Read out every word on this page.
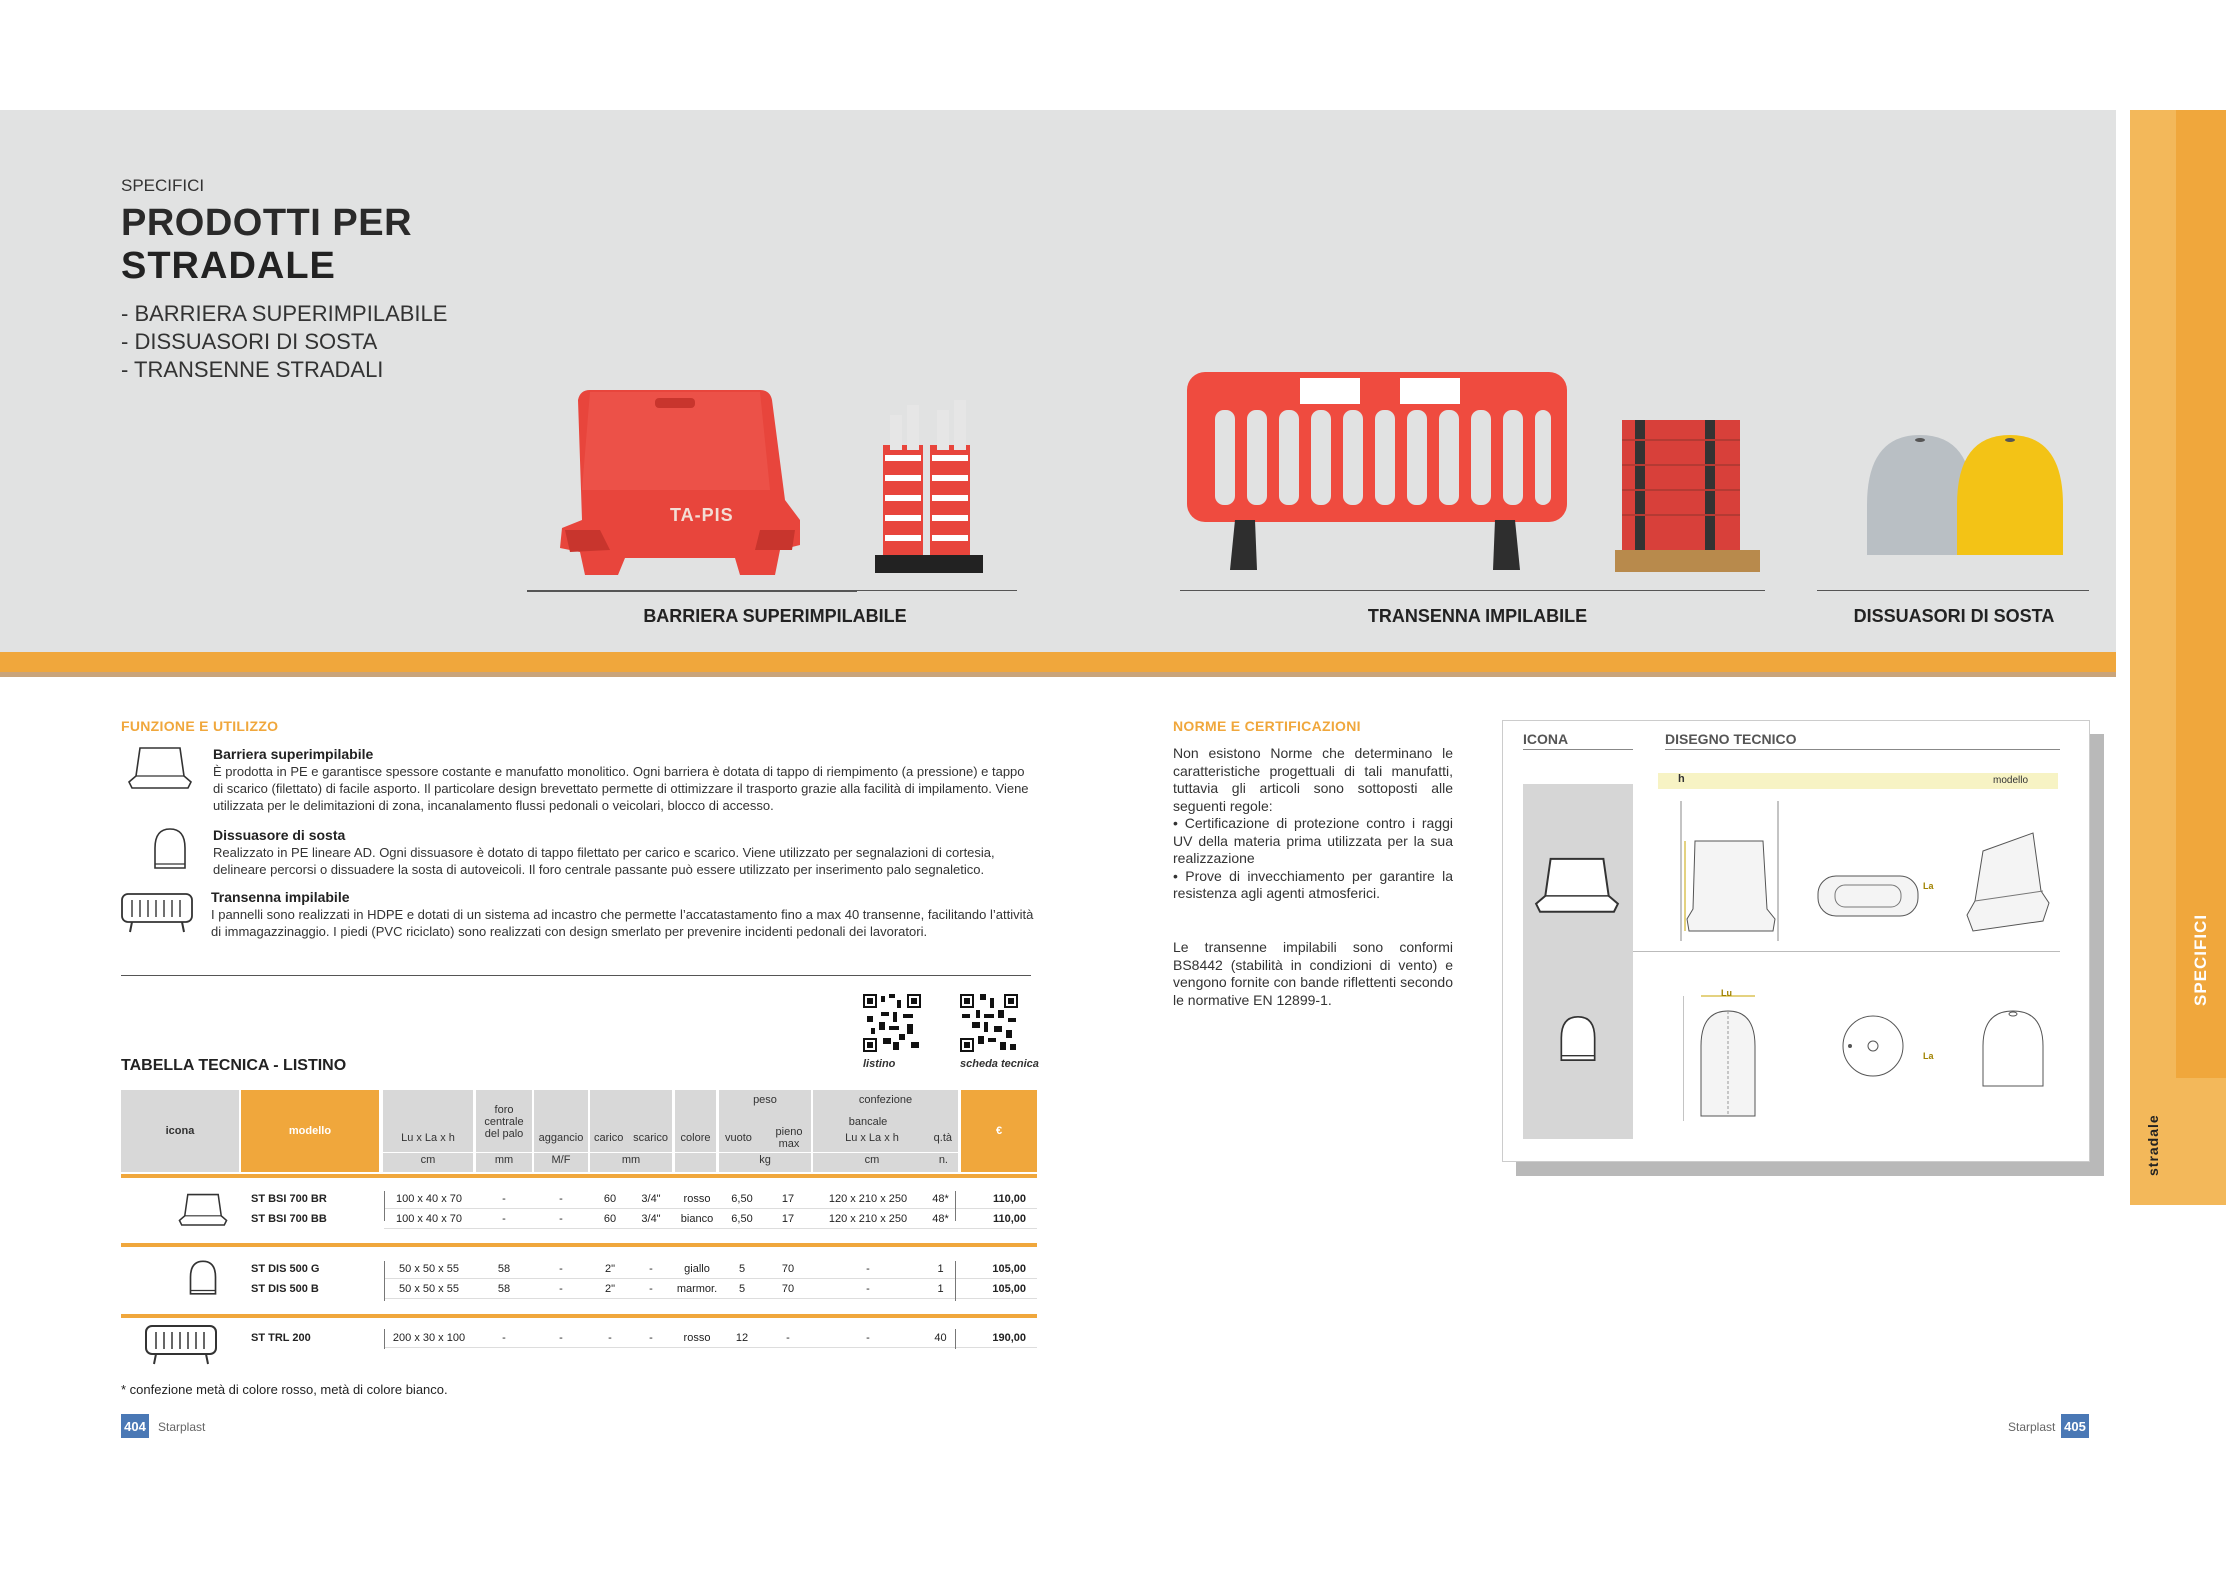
SPECIFICI
stradale
SPECIFICI
PRODOTTI PER
STRADALE

- BARRIERA SUPERIMPILABILE

- DISSUASORI DI SOSTA

- TRANSENNE STRADALI

TA-PIS
BARRIERA SUPERIMPILABILE	TRANSENNA IMPILABILE	DISSUASORI DI SOSTA
FUNZIONE E UTILIZZO
Barriera superimpilabile
È prodotta in PE e garantisce spessore costante e manufatto monolitico. Ogni barriera è dotata di tappo di riempimento (a pressione) e tappo di scarico (filettato) di facile asporto. Il particolare design brevettato permette di ottimizzare il trasporto grazie alla facilità di impilamento. Viene utilizzata per le delimitazioni di zona, incanalamento flussi pedonali o veicolari, blocco di accesso.
Dissuasore di sosta
Realizzato in PE lineare AD. Ogni dissuasore è dotato di tappo filettato per carico e scarico. Viene utilizzato per segnalazioni di cortesia, delineare percorsi o dissuadere la sosta di autoveicoli. Il foro centrale passante può essere utilizzato per inserimento palo segnaletico.
Transenna impilabile
I pannelli sono realizzati in HDPE e dotati di un sistema ad incastro che permette l’accatastamento fino a max 40 transenne, facilitando l’attività di immagazzinaggio. I piedi (PVC riciclato) sono realizzati con design smerlato per prevenire incidenti pedonali dei lavoratori.
listino	scheda tecnica
TABELLA TECNICA - LISTINO
icona	modello
Lu x La x h
cm
foro centrale del palo
mm
aggancio
M/F
carico scarico
mm
colore
peso
vuoto	pieno max
kg
confezione
bancale
Lu x La x h	q.tà
cm	n.
€
ST BSI 700 BR	100 x 40 x 70	-	-	60	3/4"	rosso	6,50	17	120 x 210 x 250	48*	110,00
ST BSI 700 BB	100 x 40 x 70	-	-	60	3/4"	bianco	6,50	17	120 x 210 x 250	48*	110,00
ST DIS 500 G	50 x 50 x 55	58	-	2"	-	giallo	5	70	-	1	105,00
ST DIS 500 B	50 x 50 x 55	58	-	2"	-	marmor.	5	70	-	1	105,00
ST TRL 200	200 x 30 x 100	-	-	-	-	rosso	12	-	-	40	190,00
* confezione metà di colore rosso, metà di colore bianco.
NORME E CERTIFICAZIONI
Non esistono Norme che determinano le caratteristiche progettuali di tali manufatti, tuttavia gli articoli sono sottoposti alle seguenti regole:
• Certificazione di protezione contro i raggi UV della materia prima utilizzata per la sua realizzazione
• Prove di invecchiamento per garantire la resistenza agli agenti atmosferici.
Le transenne impilabili sono conformi BS8442 (stabilità in condizioni di vento) e vengono fornite con bande riflettenti secondo le normative EN 12899-1.
ICONA	DISEGNO TECNICO
h	modello
La
Lu
La
404 Starplast	Starplast 405
